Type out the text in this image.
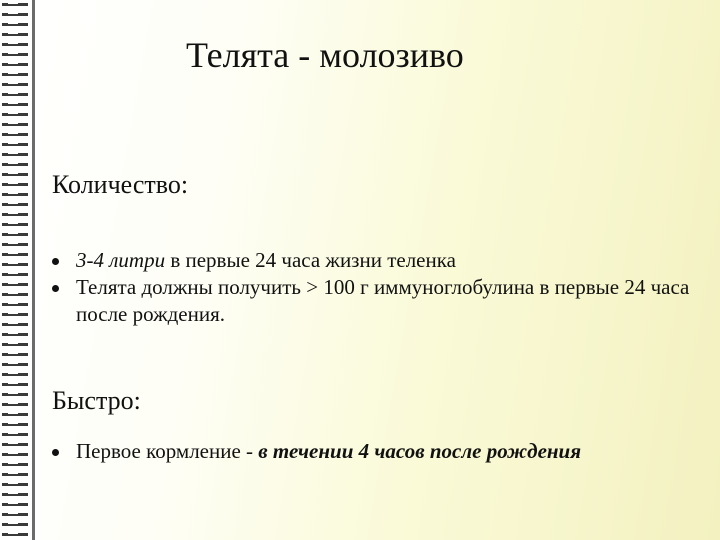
Телята - молозиво
Количество:
3-4 литри в первые 24 часа жизни теленка
Телята должны получить > 100 г иммуноглобулина в первые 24 часа после рождения.
Быстро:
Первое кормление - в течении 4 часов после рождения
